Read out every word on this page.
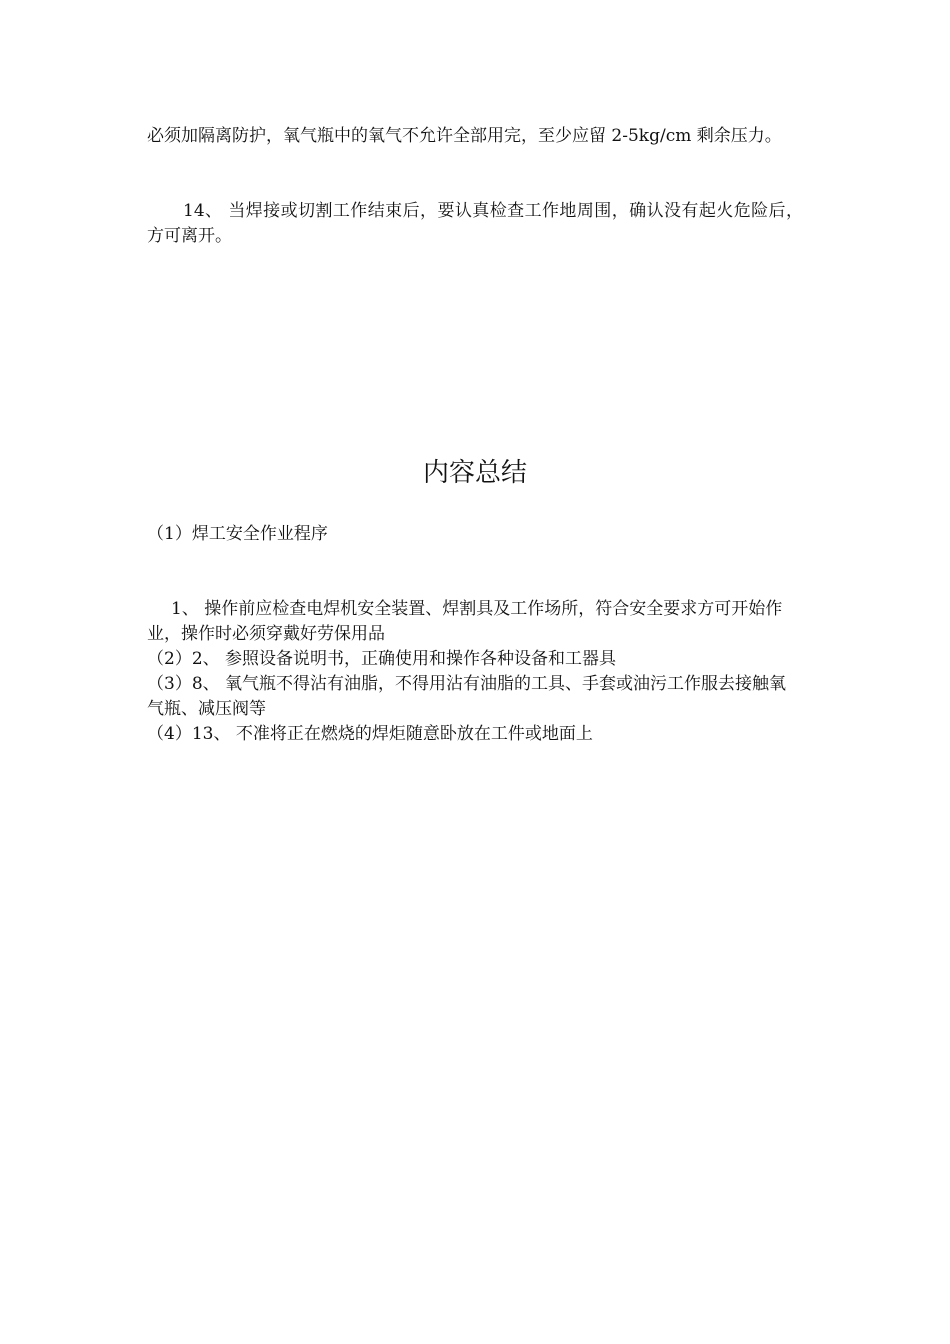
必须加隔离防护，氧气瓶中的氧气不允许全部用完，至少应留 2-5kg/cm 剩余压力。

14、 当焊接或切割工作结束后，要认真检查工作地周围，确认没有起火危险后，方可离开。

内容总结

（1）焊工安全作业程序

1、 操作前应检查电焊机安全装置、焊割具及工作场所，符合安全要求方可开始作业，操作时必须穿戴好劳保用品

（2）2、 参照设备说明书，正确使用和操作各种设备和工器具

（3）8、 氧气瓶不得沾有油脂，不得用沾有油脂的工具、手套或油污工作服去接触氧气瓶、减压阀等

（4）13、 不准将正在燃烧的焊炬随意卧放在工件或地面上
